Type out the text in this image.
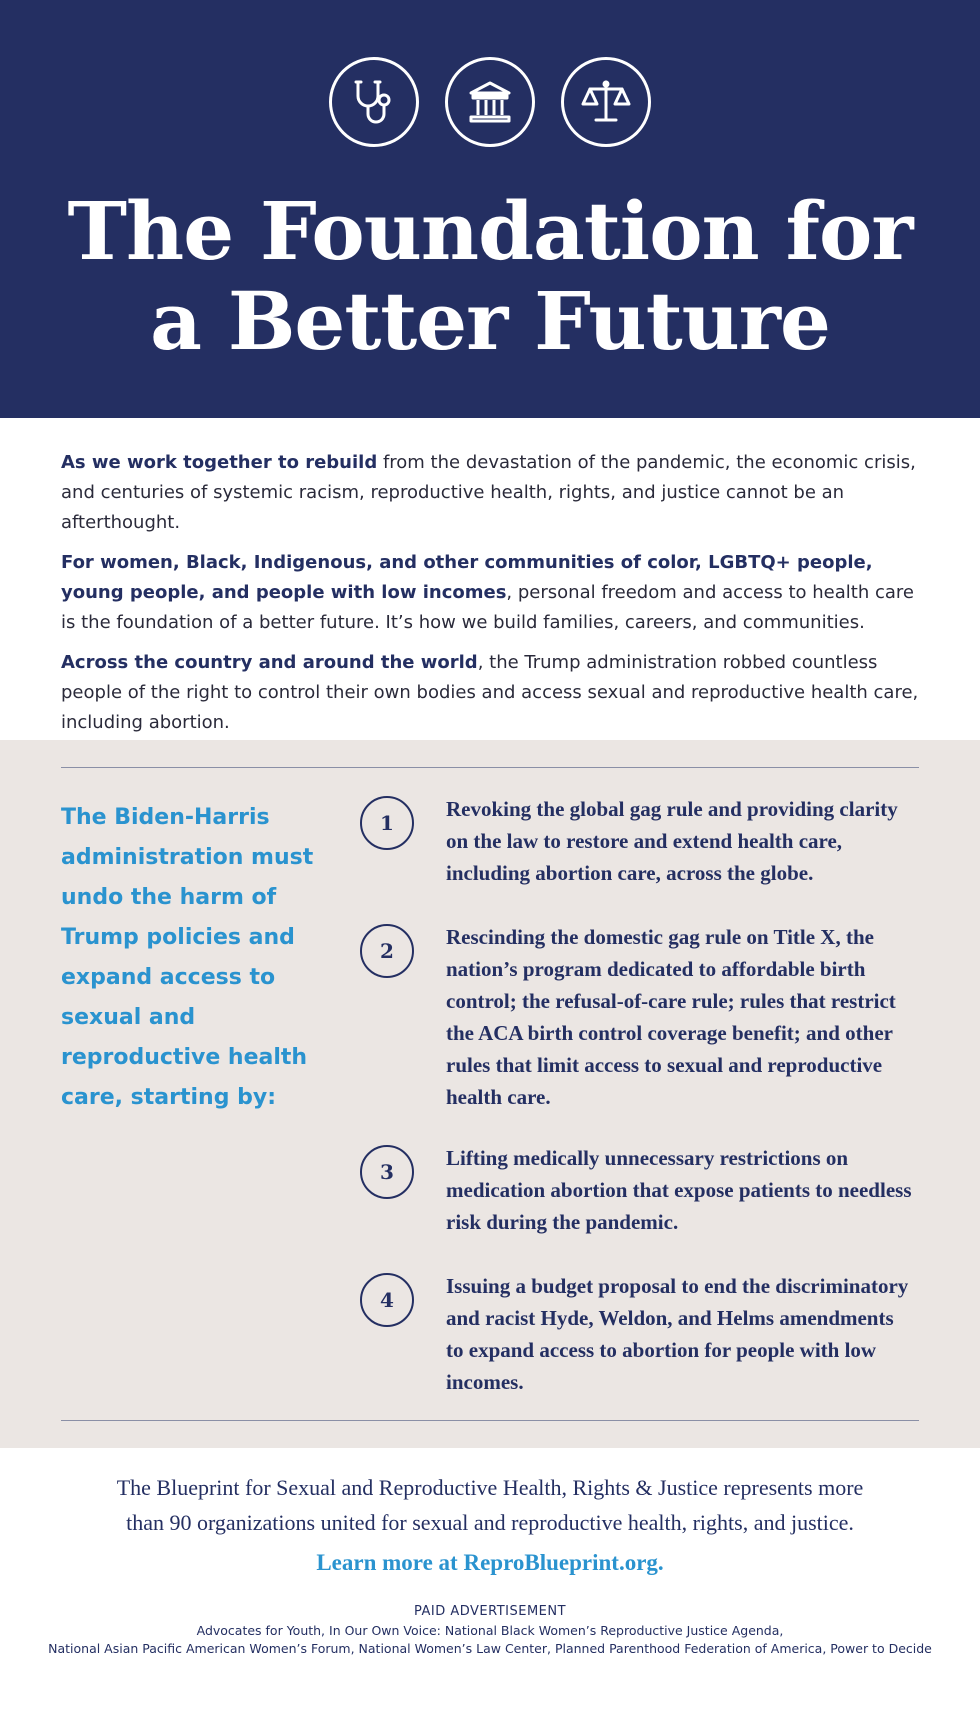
The Foundation for
a Better Future

As we work together to rebuild from the devastation of the pandemic, the economic crisis, and centuries of systemic racism, reproductive health, rights, and justice cannot be an afterthought.

For women, Black, Indigenous, and other communities of color, LGBTQ+ people, young people, and people with low incomes, personal freedom and access to health care is the foundation of a better future. It’s how we build families, careers, and communities.

Across the country and around the world, the Trump administration robbed countless people of the right to control their own bodies and access sexual and reproductive health care, including abortion.

The Biden-Harris administration must undo the harm of Trump policies and expand access to sexual and reproductive health care, starting by:
1
Revoking the global gag rule and providing clarity on the law to restore and extend health care, including abortion care, across the globe.
2
Rescinding the domestic gag rule on Title X, the nation’s program dedicated to affordable birth control; the refusal-of-care rule; rules that restrict the ACA birth control coverage benefit; and other rules that limit access to sexual and reproductive health care.
3
Lifting medically unnecessary restrictions on medication abortion that expose patients to needless risk during the pandemic.
4
Issuing a budget proposal to end the discriminatory and racist Hyde, Weldon, and Helms amendments to expand access to abortion for people with low incomes.
The Blueprint for Sexual and Reproductive Health, Rights & Justice represents more
than 90 organizations united for sexual and reproductive health, rights, and justice.
Learn more at ReproBlueprint.org.
PAID ADVERTISEMENT
Advocates for Youth, In Our Own Voice: National Black Women’s Reproductive Justice Agenda,
National Asian Pacific American Women’s Forum, National Women’s Law Center, Planned Parenthood Federation of America, Power to Decide
